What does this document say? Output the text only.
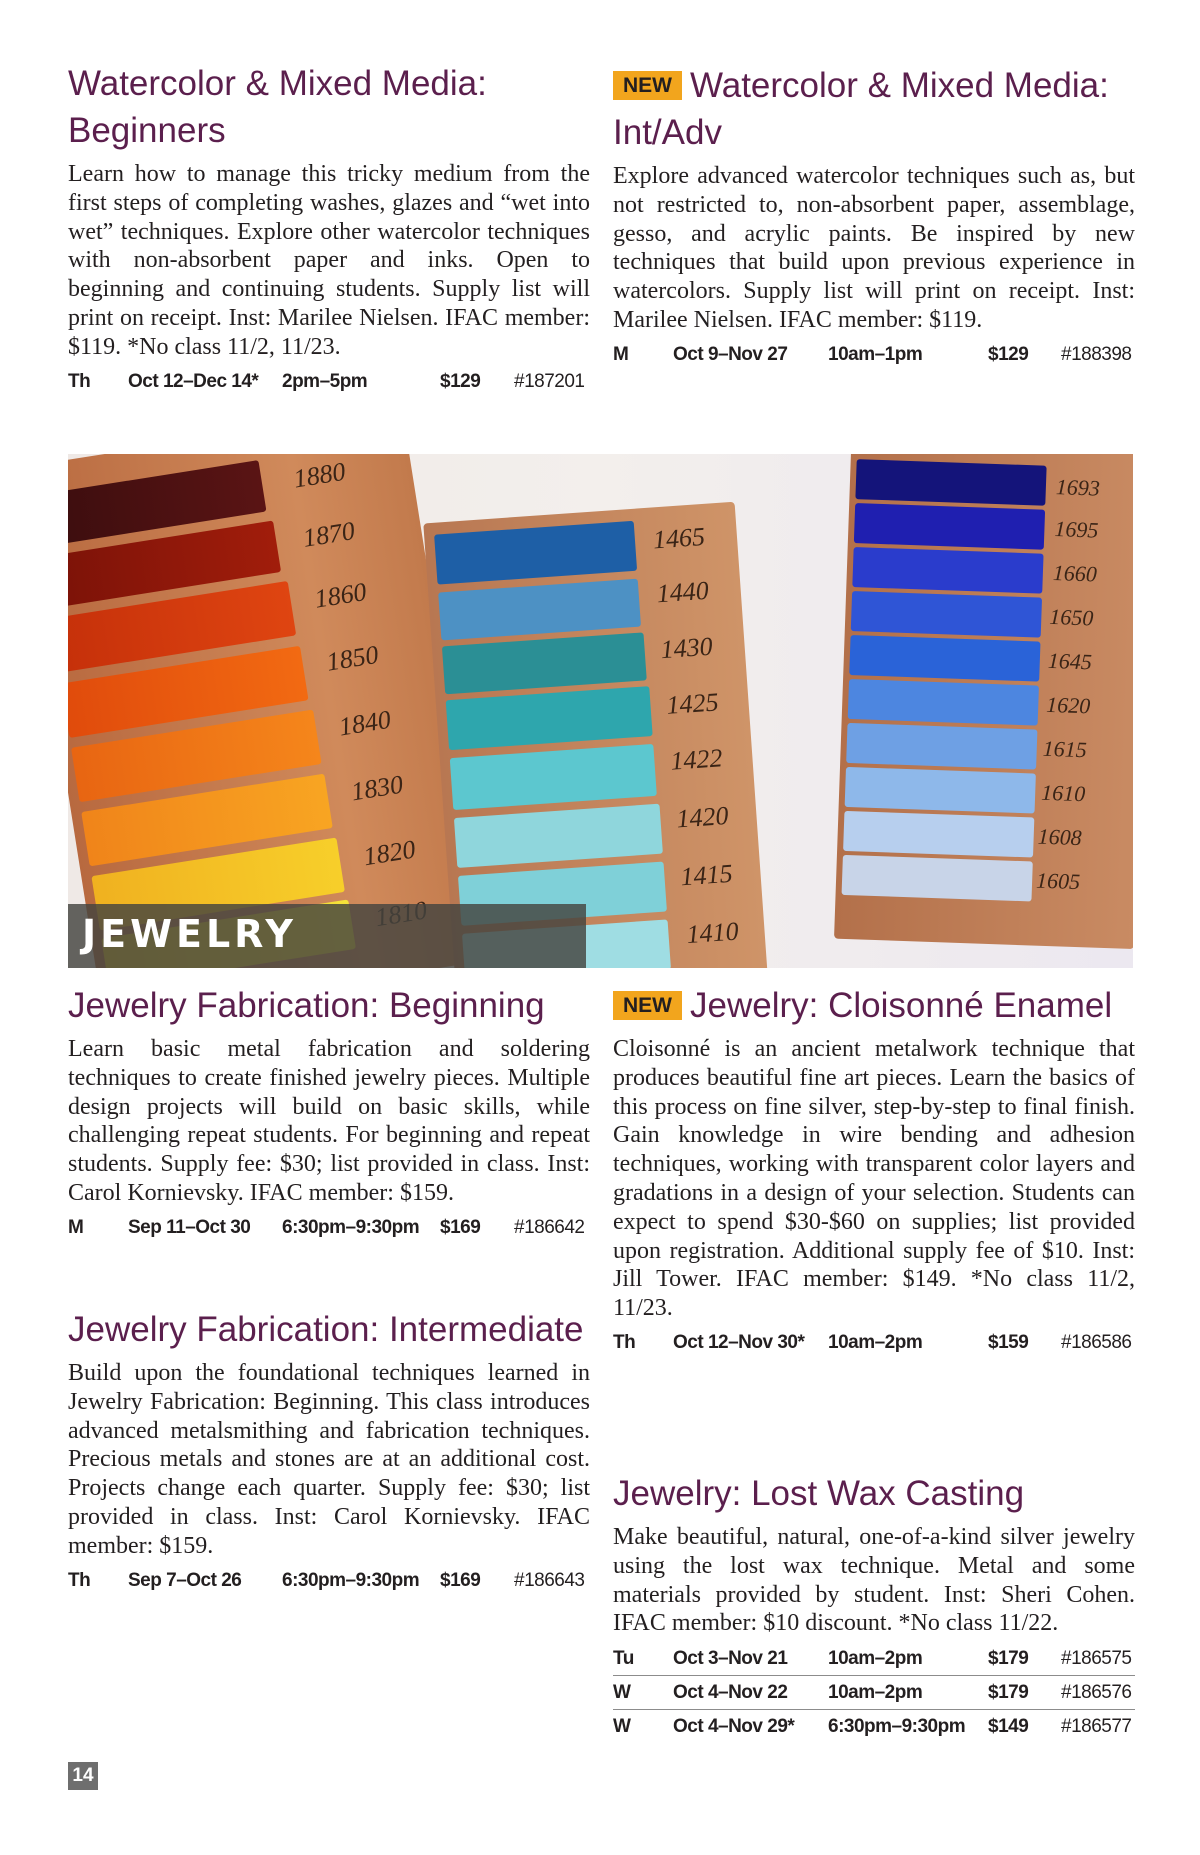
Watercolor & Mixed Media: Beginners

Learn how to manage this tricky medium from the first steps of completing washes, glazes and “wet into wet” techniques. Explore other watercolor techniques with non-absorbent paper and inks. Open to beginning and continuing students. Supply list will print on receipt. Inst: Marilee Nielsen. IFAC member: $119. *No class 11/2, 11/23.

Th	Oct 12–Dec 14*	2pm–5pm	$129	#187201
NEW Watercolor & Mixed Media: Int/Adv

Explore advanced watercolor techniques such as, but not restricted to, non-absorbent paper, assemblage, gesso, and acrylic paints. Be inspired by new techniques that build upon previous experience in watercolors. Supply list will print on receipt. Inst: Marilee Nielsen. IFAC member: $119.

M	Oct 9–Nov 27	10am–1pm	$129	#188398
1880
1870
1860
1850
1840
1830
1820
1465
1440
1430
1425
1422
1420
1415
1410
1693
1695
1660
1650
1645
1620
1615
1610
1608
1605
JEWELRY
Jewelry Fabrication: Beginning

Learn basic metal fabrication and soldering techniques to create finished jewelry pieces. Multiple design projects will build on basic skills, while challenging repeat students. For beginning and repeat students. Supply fee: $30; list provided in class. Inst: Carol Kornievsky. IFAC member: $159.

M	Sep 11–Oct 30	6:30pm–9:30pm	$169	#186642
Jewelry Fabrication: Intermediate

Build upon the foundational techniques learned in Jewelry Fabrication: Beginning. This class introduces advanced metalsmithing and fabrication techniques. Precious metals and stones are at an additional cost. Projects change each quarter. Supply fee: $30; list provided in class. Inst: Carol Kornievsky. IFAC member: $159.

Th	Sep 7–Oct 26	6:30pm–9:30pm	$169	#186643
NEW Jewelry: Cloisonné Enamel

Cloisonné is an ancient metalwork technique that produces beautiful fine art pieces. Learn the basics of this process on fine silver, step-by-step to final finish. Gain knowledge in wire bending and adhesion techniques, working with transparent color layers and gradations in a design of your selection. Students can expect to spend $30-$60 on supplies; list provided upon registration. Additional supply fee of $10. Inst: Jill Tower. IFAC member: $149. *No class 11/2, 11/23.

Th	Oct 12–Nov 30*	10am–2pm	$159	#186586
Jewelry: Lost Wax Casting

Make beautiful, natural, one-of-a-kind silver jewelry using the lost wax technique. Metal and some materials provided by student. Inst: Sheri Cohen. IFAC member: $10 discount. *No class 11/22.

Tu	Oct 3–Nov 21	10am–2pm	$179	#186575
W	Oct 4–Nov 22	10am–2pm	$179	#186576
W	Oct 4–Nov 29*	6:30pm–9:30pm	$149	#186577
14
